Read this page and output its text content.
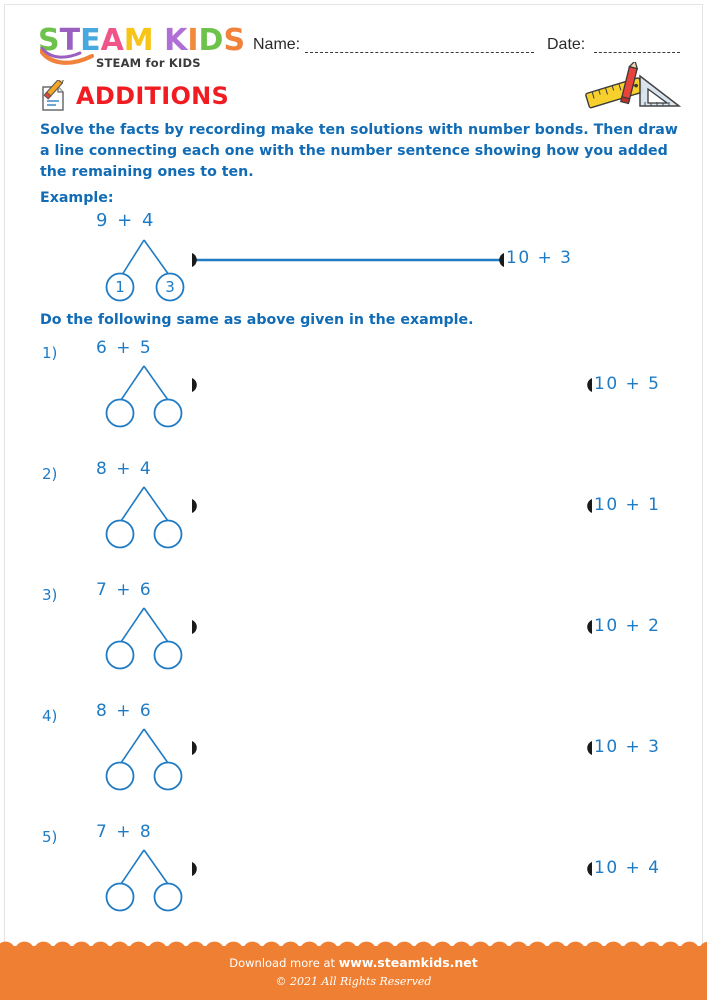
STEAM KIDS
STEAM for KIDS
Name:	Date:
ADDITIONS
Solve the facts by recording make ten solutions with number bonds. Then draw a line connecting each one with the number sentence showing how you added the remaining ones to ten.
Example:
Do the following same as above given in the example.
9 + 4
1	3
10 + 3
1) 6 + 5
10 + 5
2) 8 + 4
10 + 1
3) 7 + 6
10 + 2
4) 8 + 6
10 + 3
5) 7 + 8
10 + 4
Download more at www.steamkids.net
© 2021 All Rights Reserved
